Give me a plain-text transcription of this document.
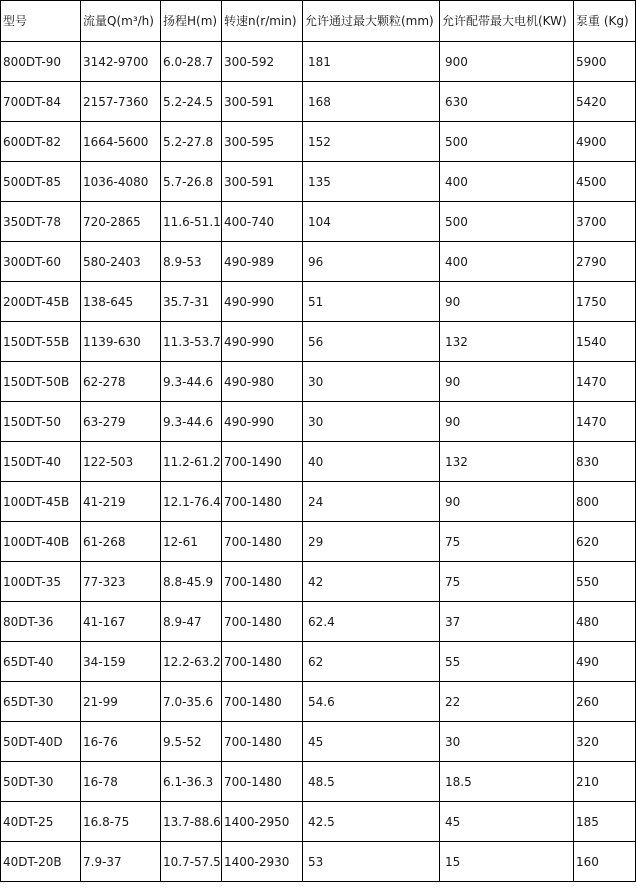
型号	流量Q(m³/h)	扬程H(m)	转速n(r/min)	允许通过最大颗粒(mm)	允许配带最大电机(KW)	泵重 (Kg)
800DT-90	3142-9700	6.0-28.7	300-592	181	900	5900
700DT-84	2157-7360	5.2-24.5	300-591	168	630	5420
600DT-82	1664-5600	5.2-27.8	300-595	152	500	4900
500DT-85	1036-4080	5.7-26.8	300-591	135	400	4500
350DT-78	720-2865	11.6-51.1	400-740	104	500	3700
300DT-60	580-2403	8.9-53	490-989	96	400	2790
200DT-45B	138-645	35.7-31	490-990	51	90	1750
150DT-55B	1139-630	11.3-53.7	490-990	56	132	1540
150DT-50B	62-278	9.3-44.6	490-980	30	90	1470
150DT-50	63-279	9.3-44.6	490-990	30	90	1470
150DT-40	122-503	11.2-61.2	700-1490	40	132	830
100DT-45B	41-219	12.1-76.4	700-1480	24	90	800
100DT-40B	61-268	12-61	700-1480	29	75	620
100DT-35	77-323	8.8-45.9	700-1480	42	75	550
80DT-36	41-167	8.9-47	700-1480	62.4	37	480
65DT-40	34-159	12.2-63.2	700-1480	62	55	490
65DT-30	21-99	7.0-35.6	700-1480	54.6	22	260
50DT-40D	16-76	9.5-52	700-1480	45	30	320
50DT-30	16-78	6.1-36.3	700-1480	48.5	18.5	210
40DT-25	16.8-75	13.7-88.6	1400-2950	42.5	45	185
40DT-20B	7.9-37	10.7-57.5	1400-2930	53	15	160
